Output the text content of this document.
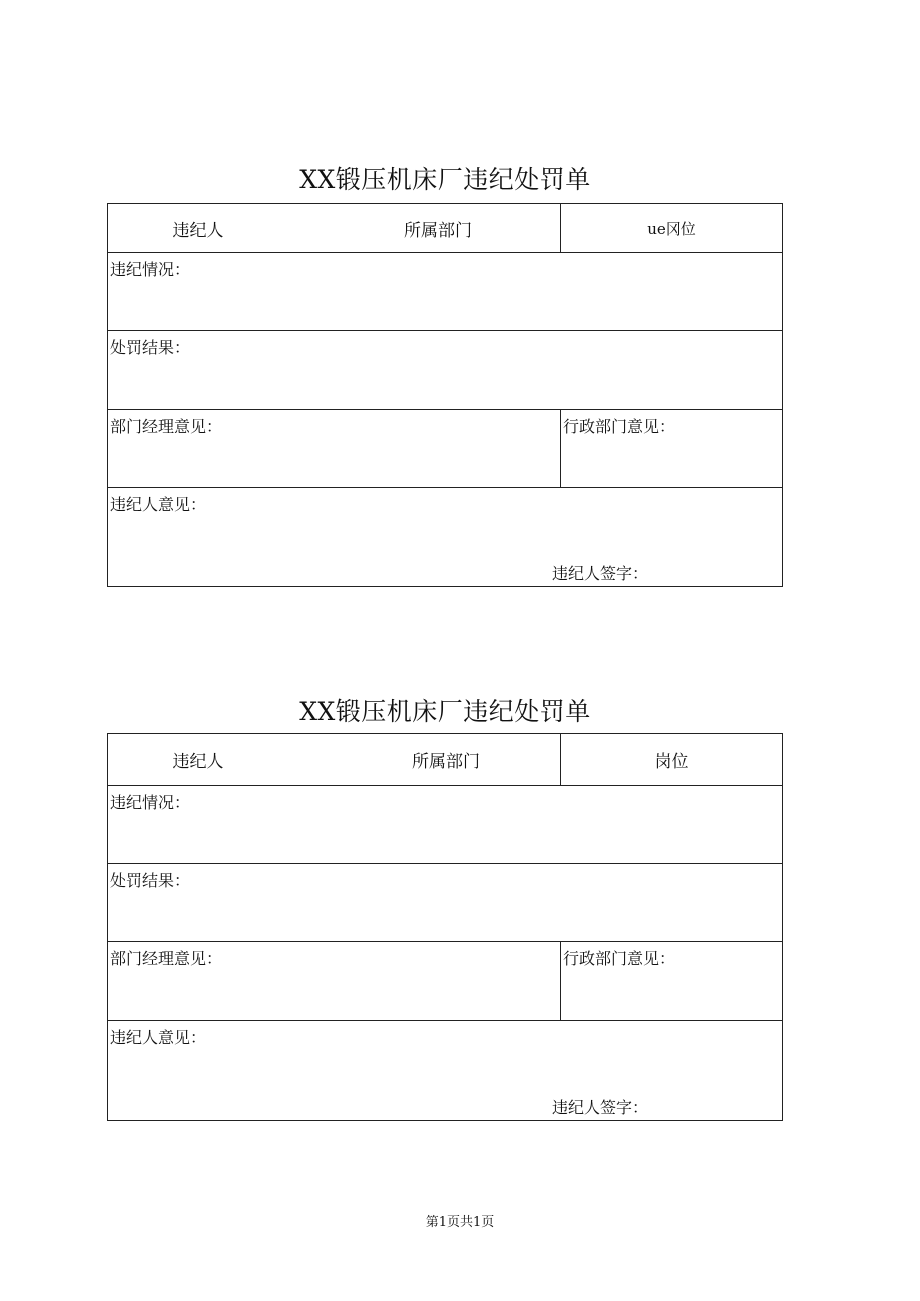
XX锻压机床厂违纪处罚单
违纪人	所属部门	ue冈位
违纪情况：
处罚结果：
部门经理意见：	行政部门意见：
违纪人意见：
违纪人签字：
XX锻压机床厂违纪处罚单
违纪人	所属部门	岗位
违纪情况：
处罚结果：
部门经理意见：	行政部门意见：
违纪人意见：
违纪人签字：
第1页共1页
